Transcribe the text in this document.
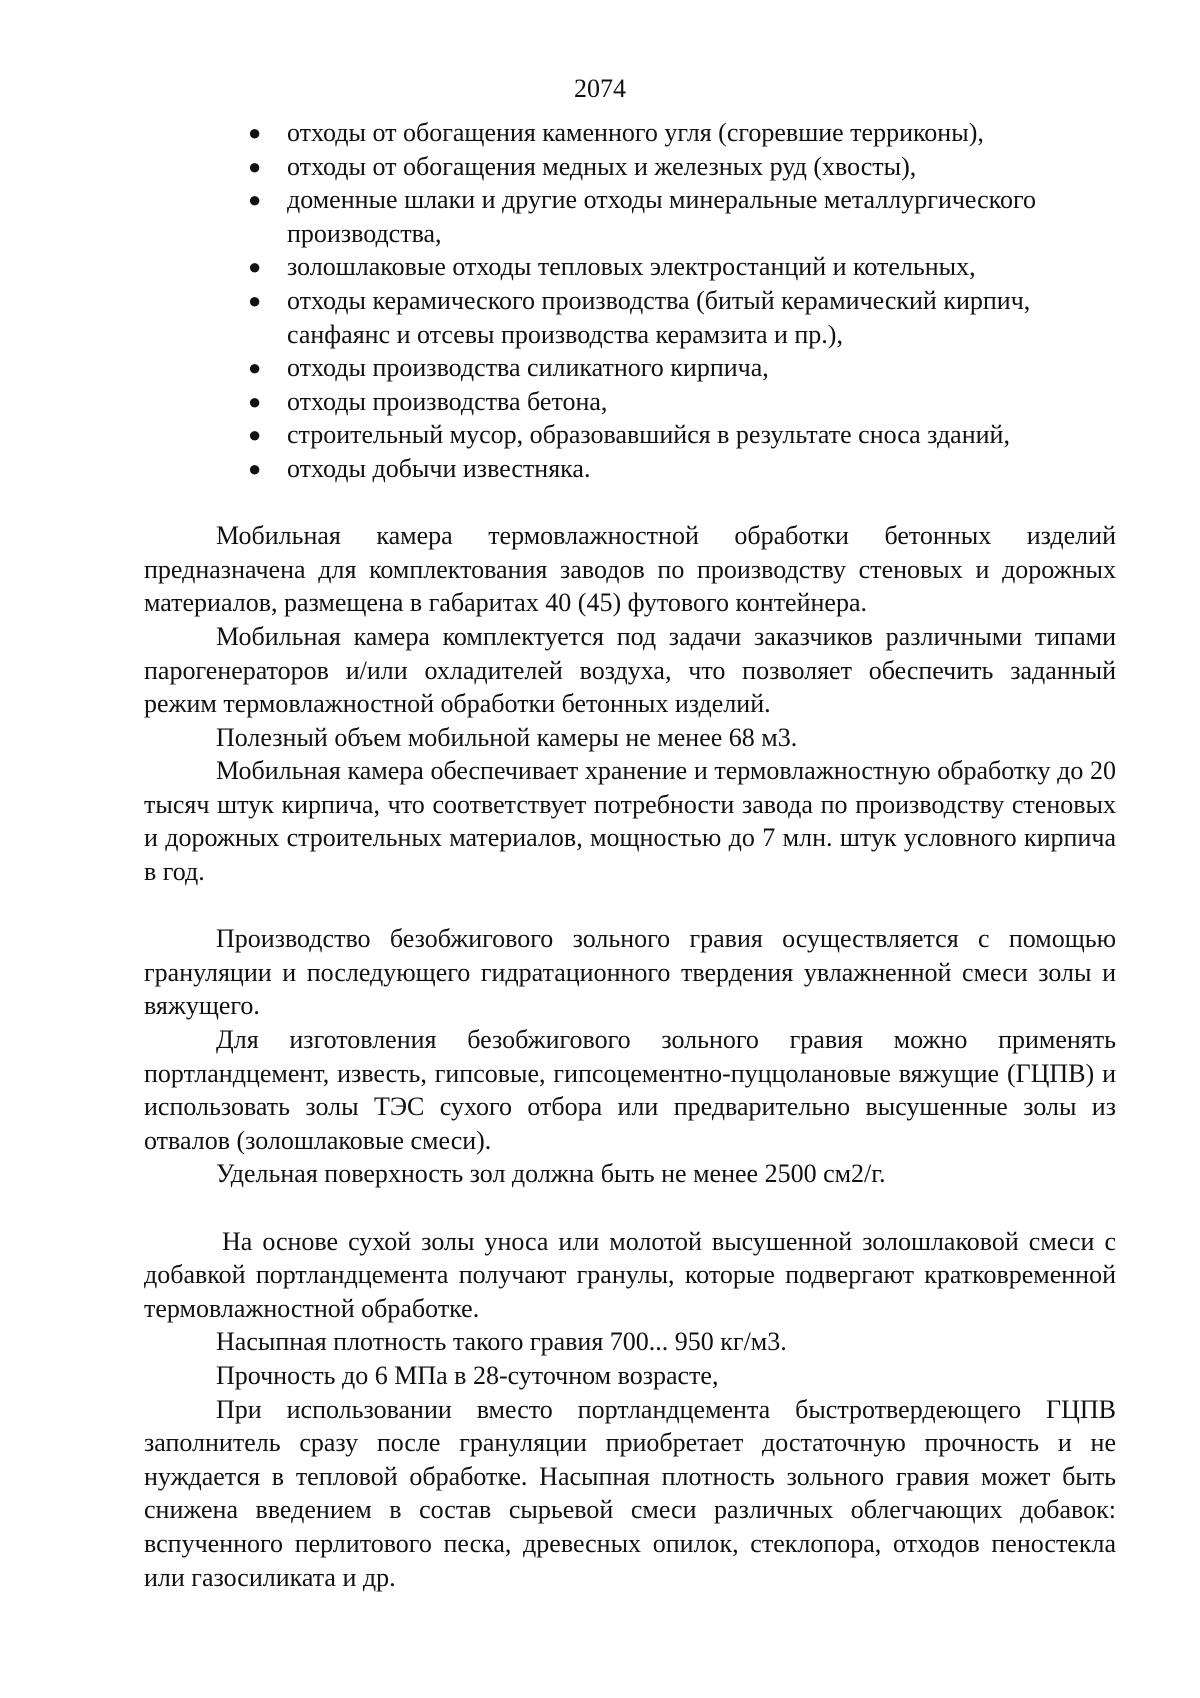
2074
● отходы от обогащения каменного угля (сгоревшие терриконы),
● отходы от обогащения медных и железных руд (хвосты),
● доменные шлаки и другие отходы минеральные металлургического производства,
● золошлаковые отходы тепловых электростанций и котельных,
● отходы керамического производства (битый керамический кирпич, санфаянс и отсевы производства керамзита и пр.),
● отходы производства силикатного кирпича,
● отходы производства бетона,
● строительный мусор, образовавшийся в результате сноса зданий,
● отходы добычи известняка.

Мобильная камера термовлажностной обработки бетонных изделий предназначена для комплектования заводов по производству стеновых и дорожных материалов, размещена в габаритах 40 (45) футового контейнера.

Мобильная камера комплектуется под задачи заказчиков различными типами парогенераторов и/или охладителей воздуха, что позволяет обеспечить заданный режим термовлажностной обработки бетонных изделий.

Полезный объем мобильной камеры не менее 68 м3.

Мобильная камера обеспечивает хранение и термовлажностную обработку до 20 тысяч штук кирпича, что соответствует потребности завода по производству стеновых и дорожных строительных материалов, мощностью до 7 млн. штук условного кирпича в год.

Производство безобжигового зольного гравия осуществляется с помощью грануляции и последующего гидратационного твердения увлажненной смеси золы и вяжущего.

Для изготовления безобжигового зольного гравия можно применять портландцемент, известь, гипсовые, гипсоцементно-пуццолановые вяжущие (ГЦПВ) и использовать золы ТЭС сухого отбора или предварительно высушенные золы из отвалов (золошлаковые смеси).

Удельная поверхность зол должна быть не менее 2500 см2/г.

На основе сухой золы уноса или молотой высушенной золошлаковой смеси с добавкой портландцемента получают гранулы, которые подвергают кратковременной термовлажностной обработке.

Насыпная плотность такого гравия 700... 950 кг/м3.

Прочность до 6 МПа в 28-суточном возрасте,

При использовании вместо портландцемента быстротвердеющего ГЦПВ заполнитель сразу после грануляции приобретает достаточную прочность и не нуждается в тепловой обработке. Насыпная плотность зольного гравия может быть снижена введением в состав сырьевой смеси различных облегчающих добавок: вспученного перлитового песка, древесных опилок, стеклопора, отходов пеностекла или газосиликата и др.
